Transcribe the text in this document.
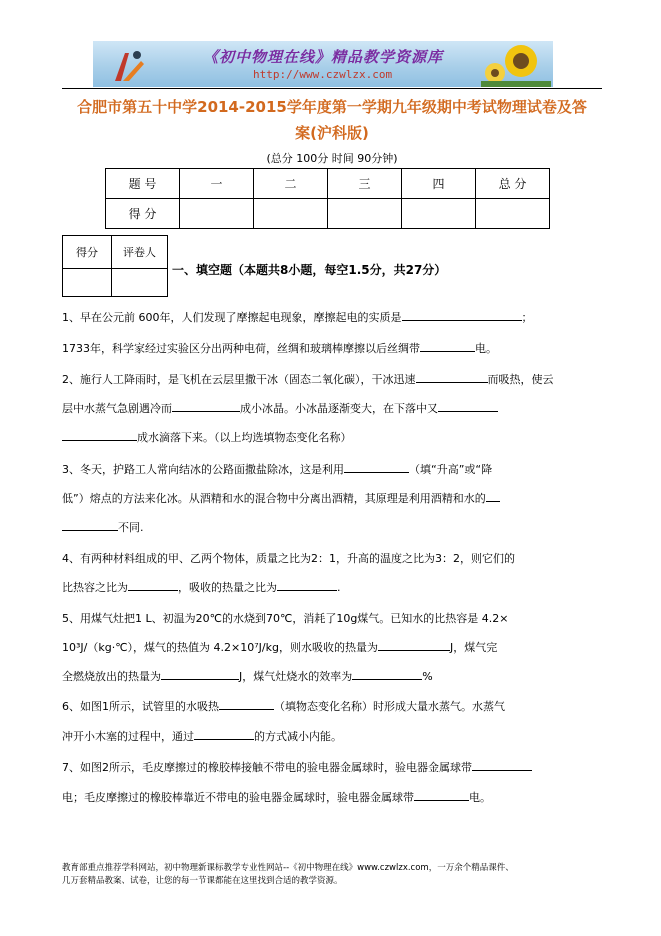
《初中物理在线》精品教学资源库
http://www.czwlzx.com
合肥市第五十中学2014-2015学年度第一学期九年级期中考试物理试卷及答
案(沪科版)
(总分 100分 时间 90分钟)
题 号	一	二	三	四	总 分
得 分					
得分	评卷人

一、填空题（本题共8小题，每空1.5分，共27分）
1、早在公元前 600年，人们发现了摩擦起电现象，摩擦起电的实质是	；
1733年，科学家经过实验区分出两种电荷，丝绸和玻璃棒摩擦以后丝绸带	电。
2、施行人工降雨时，是飞机在云层里撒干冰（固态二氧化碳），干冰迅速	而吸热，使云
层中水蒸气急剧遇冷而	成小冰晶。小冰晶逐渐变大，在下落中又
成水滴落下来。（以上均选填物态变化名称）
3、冬天，护路工人常向结冰的公路面撒盐除冰，这是利用	（填“升高”或“降
低”）熔点的方法来化冰。从酒精和水的混合物中分离出酒精，其原理是利用酒精和水的
不同.
4、有两种材料组成的甲、乙两个物体，质量之比为2：1，升高的温度之比为3：2，则它们的
比热容之比为	，吸收的热量之比为	.
5、用煤气灶把1 L、初温为20℃的水烧到70℃，消耗了10g煤气。已知水的比热容是 4.2×
10³J/（kg·℃），煤气的热值为 4.2×10⁷J/kg，则水吸收的热量为	J，煤气完
全燃烧放出的热量为	J，煤气灶烧水的效率为	%
6、如图1所示，试管里的水吸热	（填物态变化名称）时形成大量水蒸气。水蒸气
冲开小木塞的过程中，通过	的方式减小内能。
7、如图2所示，毛皮摩擦过的橡胶棒接触不带电的验电器金属球时，验电器金属球带
电；毛皮摩擦过的橡胶棒靠近不带电的验电器金属球时，验电器金属球带	电。
教育部重点推荐学科网站，初中物理新课标教学专业性网站--《初中物理在线》www.czwlzx.com，一万余个精品课件、
几万套精品教案、试卷，让您的每一节课都能在这里找到合适的教学资源。
